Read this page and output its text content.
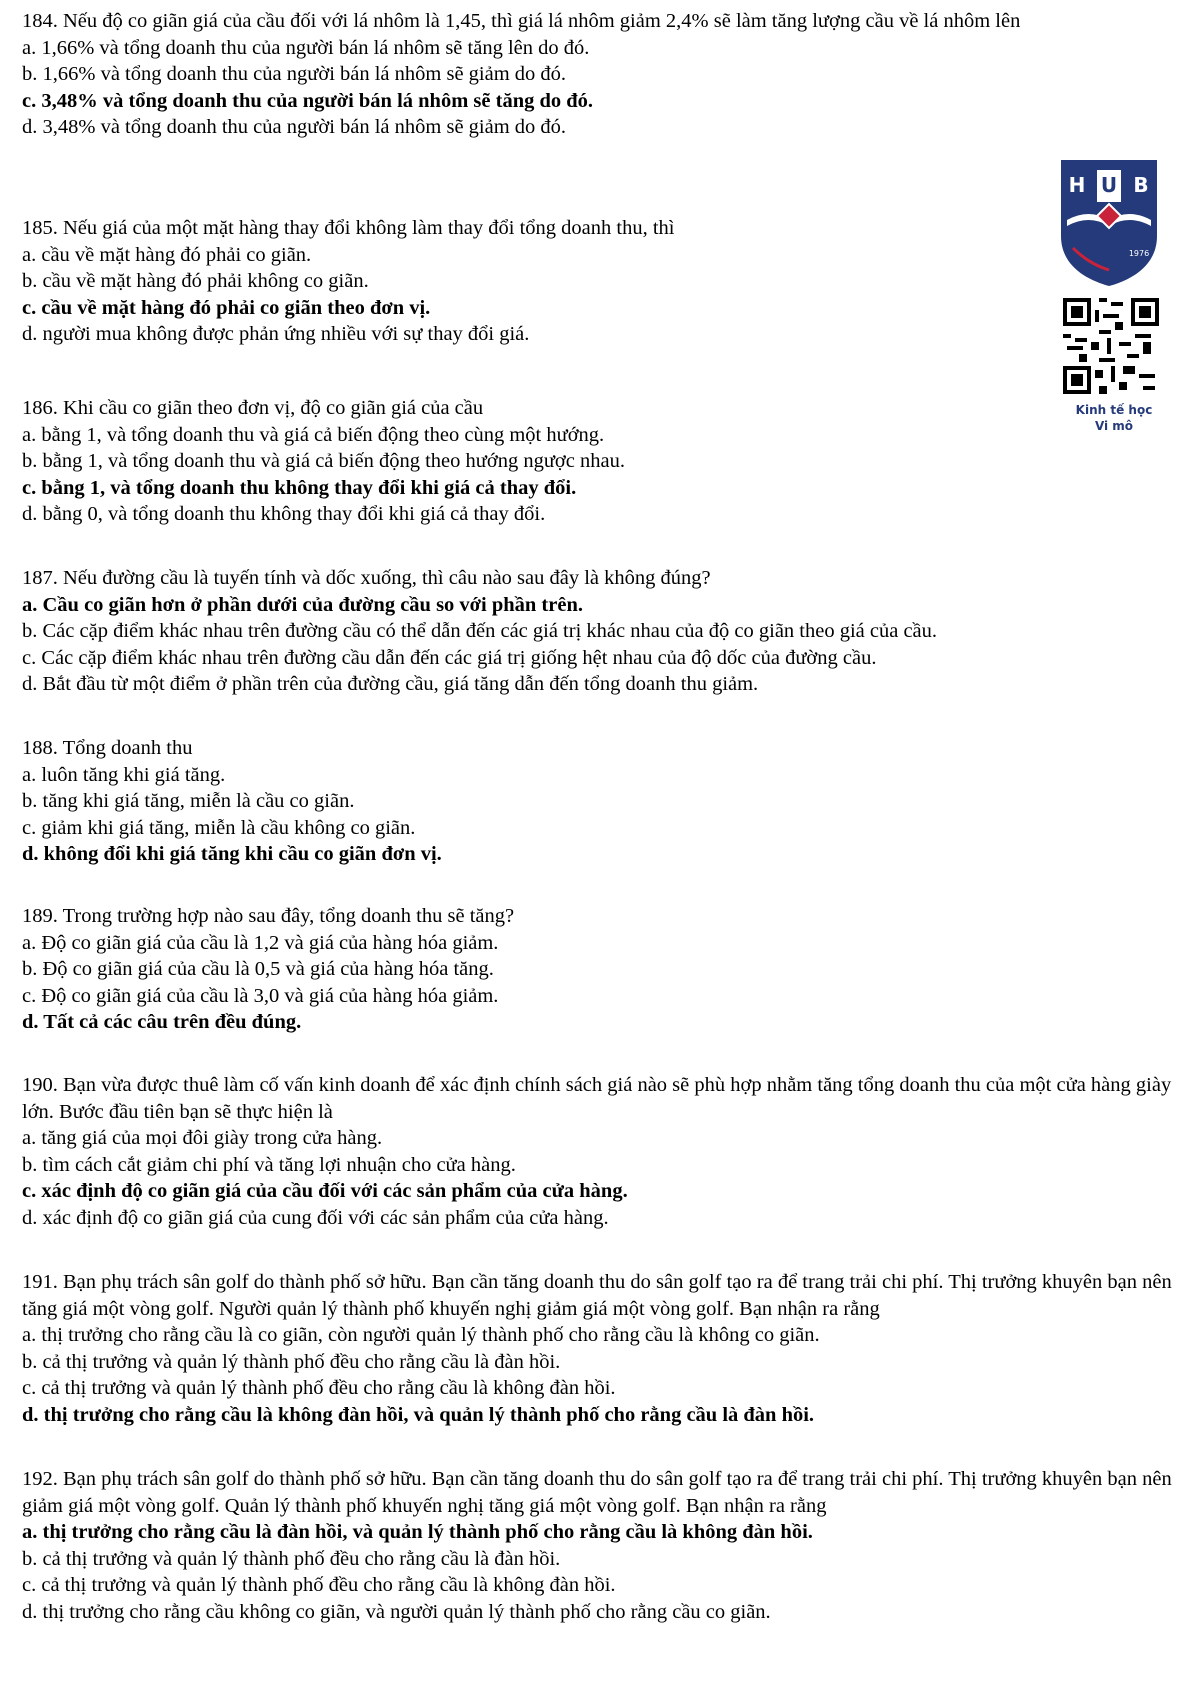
184. Nếu độ co giãn giá của cầu đối với lá nhôm là 1,45, thì giá lá nhôm giảm 2,4% sẽ làm tăng lượng cầu về lá nhôm lên

a. 1,66% và tổng doanh thu của người bán lá nhôm sẽ tăng lên do đó.

b. 1,66% và tổng doanh thu của người bán lá nhôm sẽ giảm do đó.

c. 3,48% và tổng doanh thu của người bán lá nhôm sẽ tăng do đó.

d. 3,48% và tổng doanh thu của người bán lá nhôm sẽ giảm do đó.

185. Nếu giá của một mặt hàng thay đổi không làm thay đổi tổng doanh thu, thì

a. cầu về mặt hàng đó phải co giãn.

b. cầu về mặt hàng đó phải không co giãn.

c. cầu về mặt hàng đó phải co giãn theo đơn vị.

d. người mua không được phản ứng nhiều với sự thay đổi giá.

186. Khi cầu co giãn theo đơn vị, độ co giãn giá của cầu

a. bằng 1, và tổng doanh thu và giá cả biến động theo cùng một hướng.

b. bằng 1, và tổng doanh thu và giá cả biến động theo hướng ngược nhau.

c. bằng 1, và tổng doanh thu không thay đổi khi giá cả thay đổi.

d. bằng 0, và tổng doanh thu không thay đổi khi giá cả thay đổi.

187. Nếu đường cầu là tuyến tính và dốc xuống, thì câu nào sau đây là không đúng?

a. Cầu co giãn hơn ở phần dưới của đường cầu so với phần trên.

b. Các cặp điểm khác nhau trên đường cầu có thể dẫn đến các giá trị khác nhau của độ co giãn theo giá của cầu.

c. Các cặp điểm khác nhau trên đường cầu dẫn đến các giá trị giống hệt nhau của độ dốc của đường cầu.

d. Bắt đầu từ một điểm ở phần trên của đường cầu, giá tăng dẫn đến tổng doanh thu giảm.

188. Tổng doanh thu

a. luôn tăng khi giá tăng.

b. tăng khi giá tăng, miễn là cầu co giãn.

c. giảm khi giá tăng, miễn là cầu không co giãn.

d. không đổi khi giá tăng khi cầu co giãn đơn vị.

189. Trong trường hợp nào sau đây, tổng doanh thu sẽ tăng?

a. Độ co giãn giá của cầu là 1,2 và giá của hàng hóa giảm.

b. Độ co giãn giá của cầu là 0,5 và giá của hàng hóa tăng.

c. Độ co giãn giá của cầu là 3,0 và giá của hàng hóa giảm.

d. Tất cả các câu trên đều đúng.

190. Bạn vừa được thuê làm cố vấn kinh doanh để xác định chính sách giá nào sẽ phù hợp nhằm tăng tổng doanh thu của một cửa hàng giày lớn. Bước đầu tiên bạn sẽ thực hiện là

a. tăng giá của mọi đôi giày trong cửa hàng.

b. tìm cách cắt giảm chi phí và tăng lợi nhuận cho cửa hàng.

c. xác định độ co giãn giá của cầu đối với các sản phẩm của cửa hàng.

d. xác định độ co giãn giá của cung đối với các sản phẩm của cửa hàng.

191. Bạn phụ trách sân golf do thành phố sở hữu. Bạn cần tăng doanh thu do sân golf tạo ra để trang trải chi phí. Thị trưởng khuyên bạn nên tăng giá một vòng golf. Người quản lý thành phố khuyến nghị giảm giá một vòng golf. Bạn nhận ra rằng

a. thị trưởng cho rằng cầu là co giãn, còn người quản lý thành phố cho rằng cầu là không co giãn.

b. cả thị trưởng và quản lý thành phố đều cho rằng cầu là đàn hồi.

c. cả thị trưởng và quản lý thành phố đều cho rằng cầu là không đàn hồi.

d. thị trưởng cho rằng cầu là không đàn hồi, và quản lý thành phố cho rằng cầu là đàn hồi.

192. Bạn phụ trách sân golf do thành phố sở hữu. Bạn cần tăng doanh thu do sân golf tạo ra để trang trải chi phí. Thị trưởng khuyên bạn nên giảm giá một vòng golf. Quản lý thành phố khuyến nghị tăng giá một vòng golf. Bạn nhận ra rằng

a. thị trưởng cho rằng cầu là đàn hồi, và quản lý thành phố cho rằng cầu là không đàn hồi.

b. cả thị trưởng và quản lý thành phố đều cho rằng cầu là đàn hồi.

c. cả thị trưởng và quản lý thành phố đều cho rằng cầu là không đàn hồi.

d. thị trưởng cho rằng cầu không co giãn, và người quản lý thành phố cho rằng cầu co giãn.

H U B
1976
Kinh tế học
Vi mô
